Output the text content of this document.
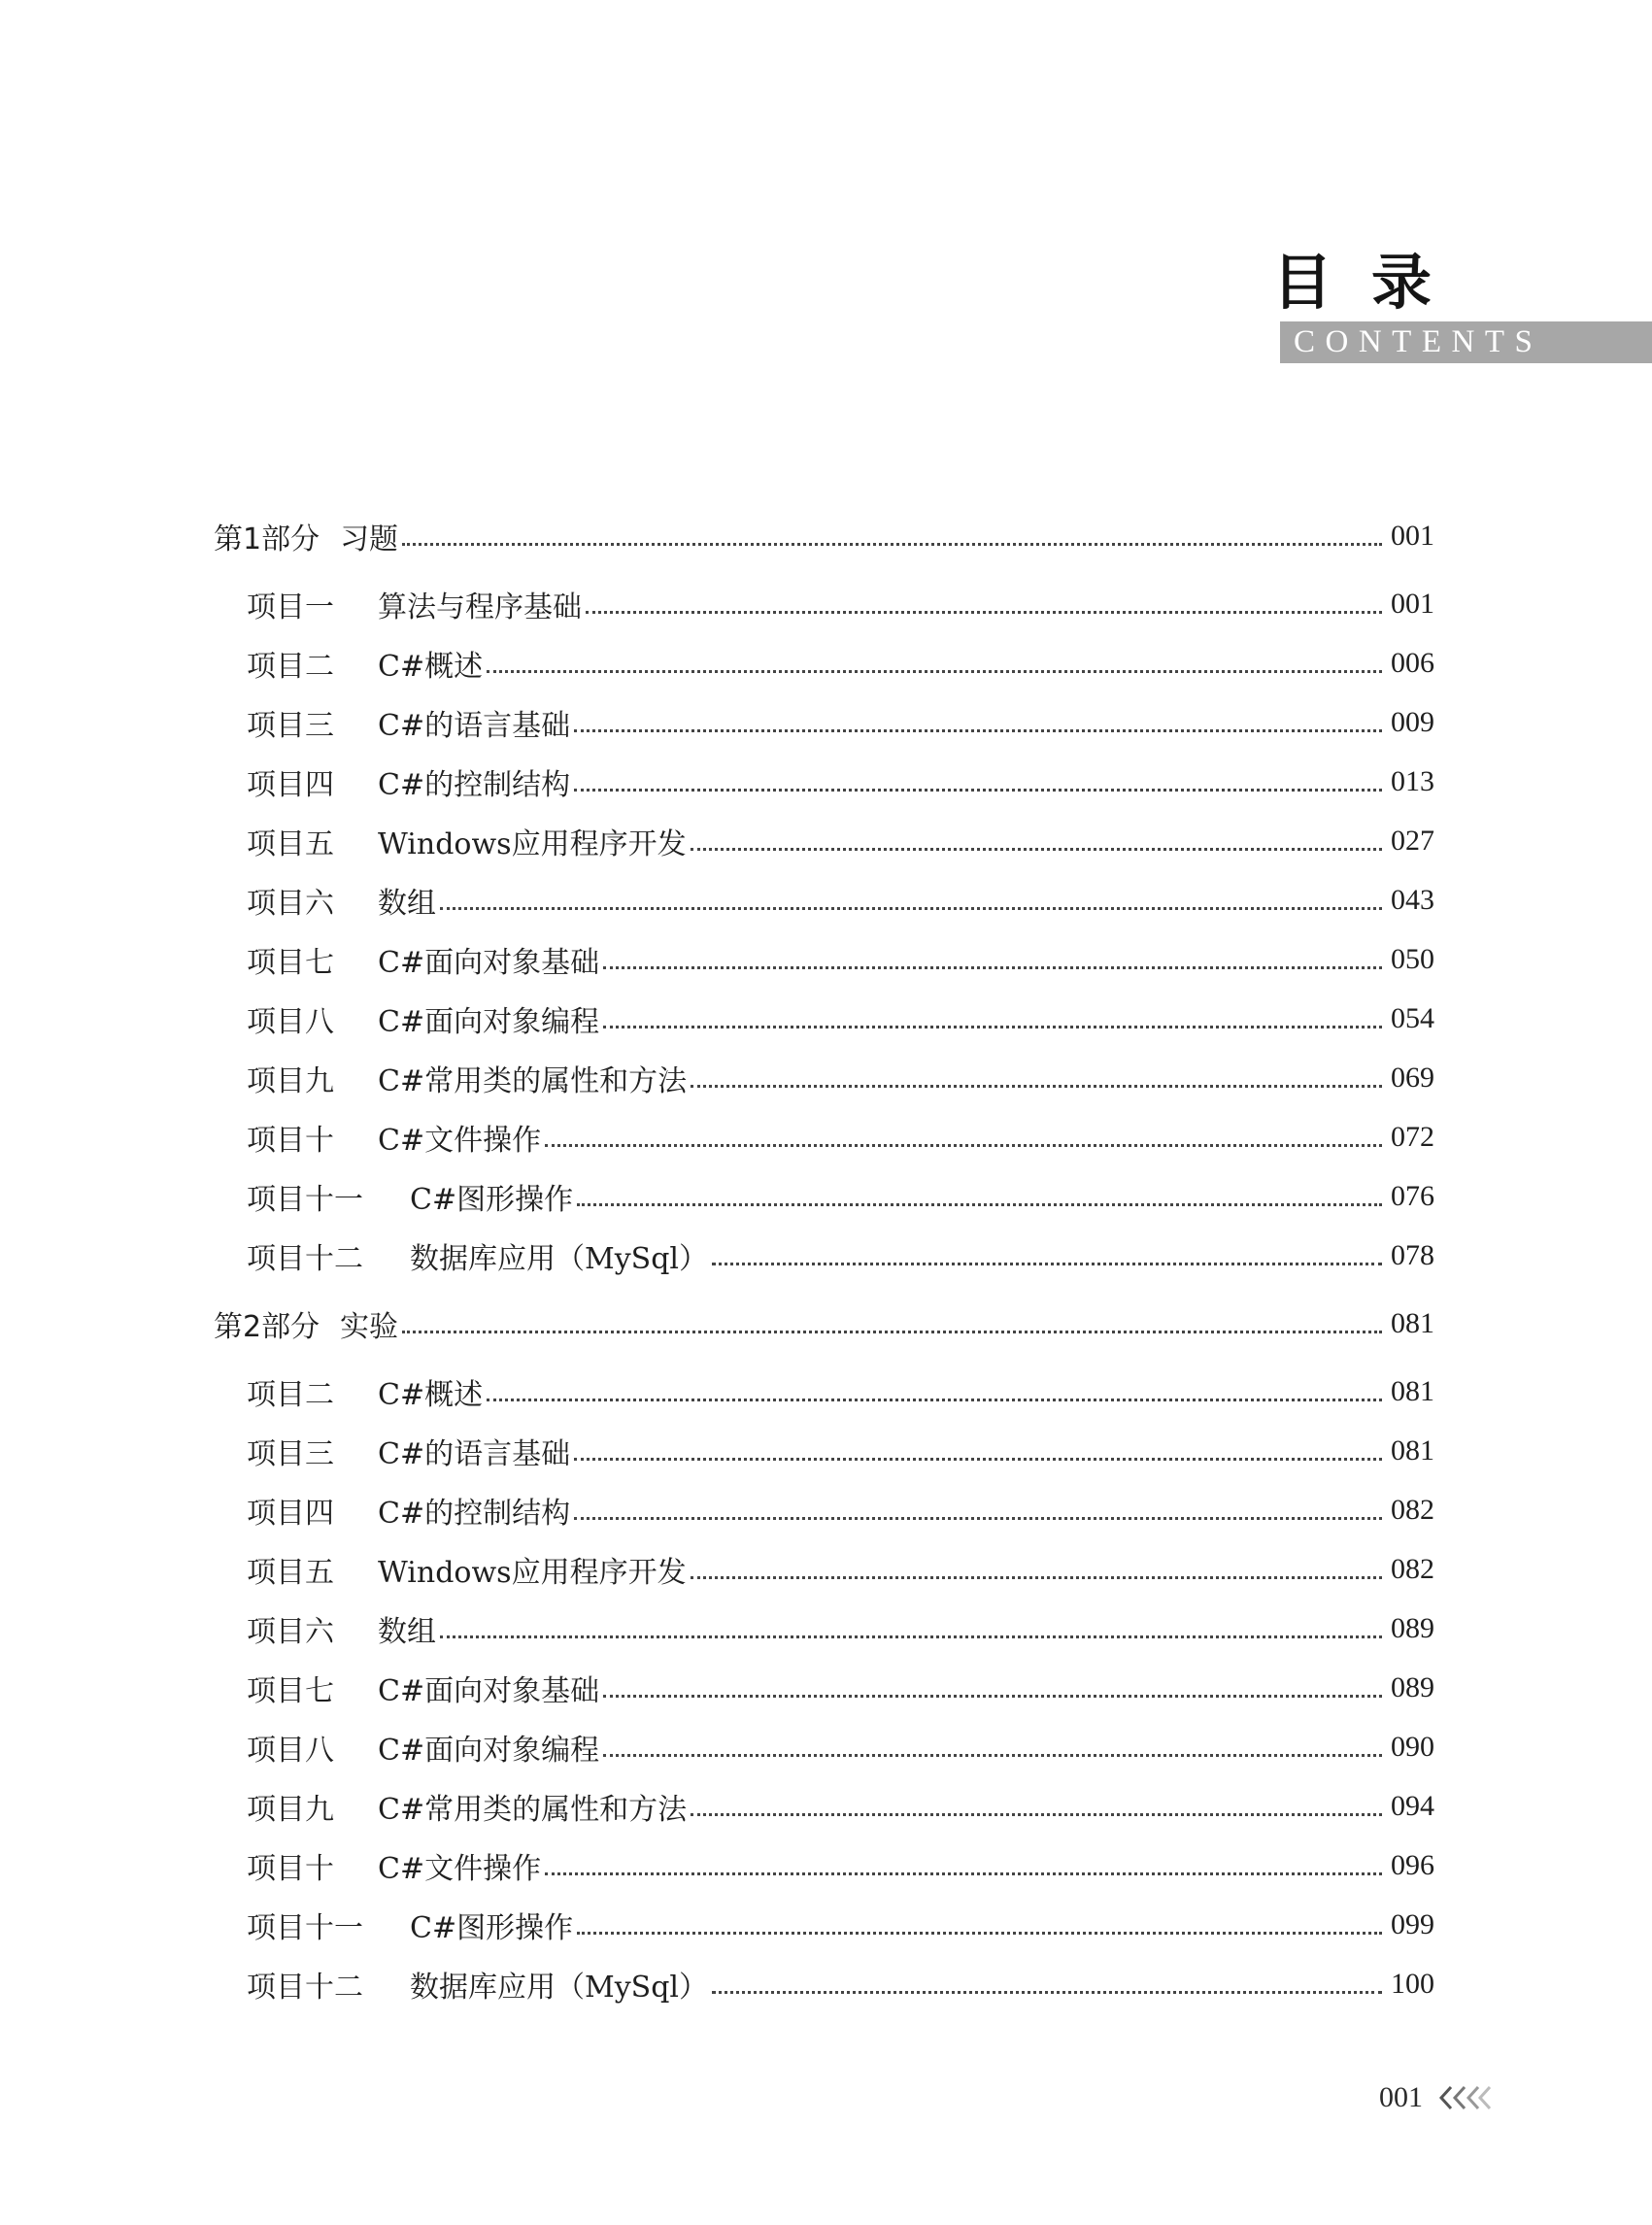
目录
CONTENTS
第1部分 习题	001
项目一	算法与程序基础	001
项目二	C#概述	006
项目三	C#的语言基础	009
项目四	C#的控制结构	013
项目五	Windows应用程序开发	027
项目六	数组	043
项目七	C#面向对象基础	050
项目八	C#面向对象编程	054
项目九	C#常用类的属性和方法	069
项目十	C#文件操作	072
项目十一	C#图形操作	076
项目十二	数据库应用（MySql）	078
第2部分 实验	081
项目二	C#概述	081
项目三	C#的语言基础	081
项目四	C#的控制结构	082
项目五	Windows应用程序开发	082
项目六	数组	089
项目七	C#面向对象基础	089
项目八	C#面向对象编程	090
项目九	C#常用类的属性和方法	094
项目十	C#文件操作	096
项目十一	C#图形操作	099
项目十二	数据库应用（MySql）	100
001
